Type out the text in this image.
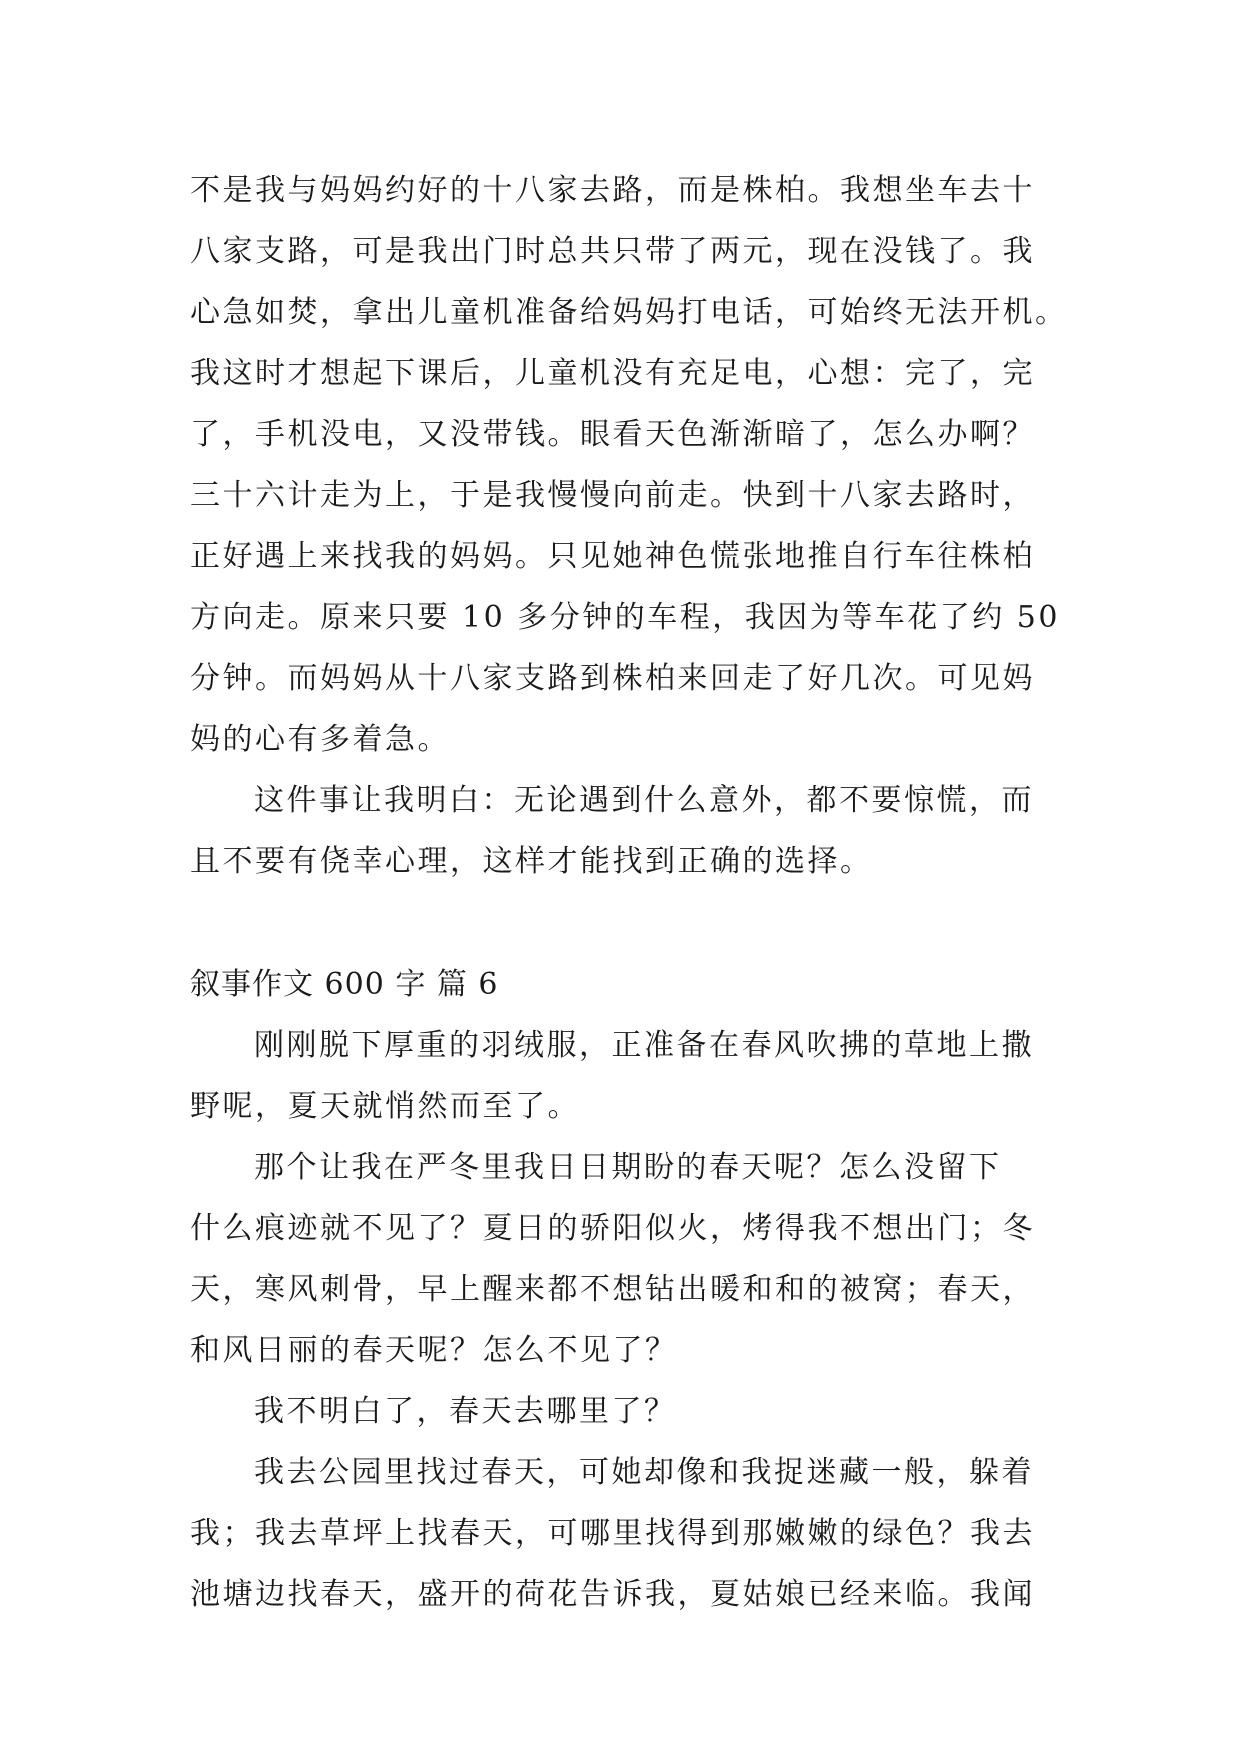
不是我与妈妈约好的十八家去路，而是株柏。我想坐车去十
八家支路，可是我出门时总共只带了两元，现在没钱了。我
心急如焚，拿出儿童机准备给妈妈打电话，可始终无法开机。
我这时才想起下课后，儿童机没有充足电，心想：完了，完
了，手机没电，又没带钱。眼看天色渐渐暗了，怎么办啊？
三十六计走为上，于是我慢慢向前走。快到十八家去路时，
正好遇上来找我的妈妈。只见她神色慌张地推自行车往株柏
方向走。原来只要 10 多分钟的车程，我因为等车花了约 50
分钟。而妈妈从十八家支路到株柏来回走了好几次。可见妈
妈的心有多着急。
这件事让我明白：无论遇到什么意外，都不要惊慌，而
且不要有侥幸心理，这样才能找到正确的选择。
叙事作文 600 字 篇 6
刚刚脱下厚重的羽绒服，正准备在春风吹拂的草地上撒
野呢，夏天就悄然而至了。
那个让我在严冬里我日日期盼的春天呢？怎么没留下
什么痕迹就不见了？夏日的骄阳似火，烤得我不想出门；冬
天，寒风刺骨，早上醒来都不想钻出暖和和的被窝；春天，
和风日丽的春天呢？怎么不见了？
我不明白了，春天去哪里了？
我去公园里找过春天，可她却像和我捉迷藏一般，躲着
我；我去草坪上找春天，可哪里找得到那嫩嫩的绿色？我去
池塘边找春天，盛开的荷花告诉我，夏姑娘已经来临。我闻
